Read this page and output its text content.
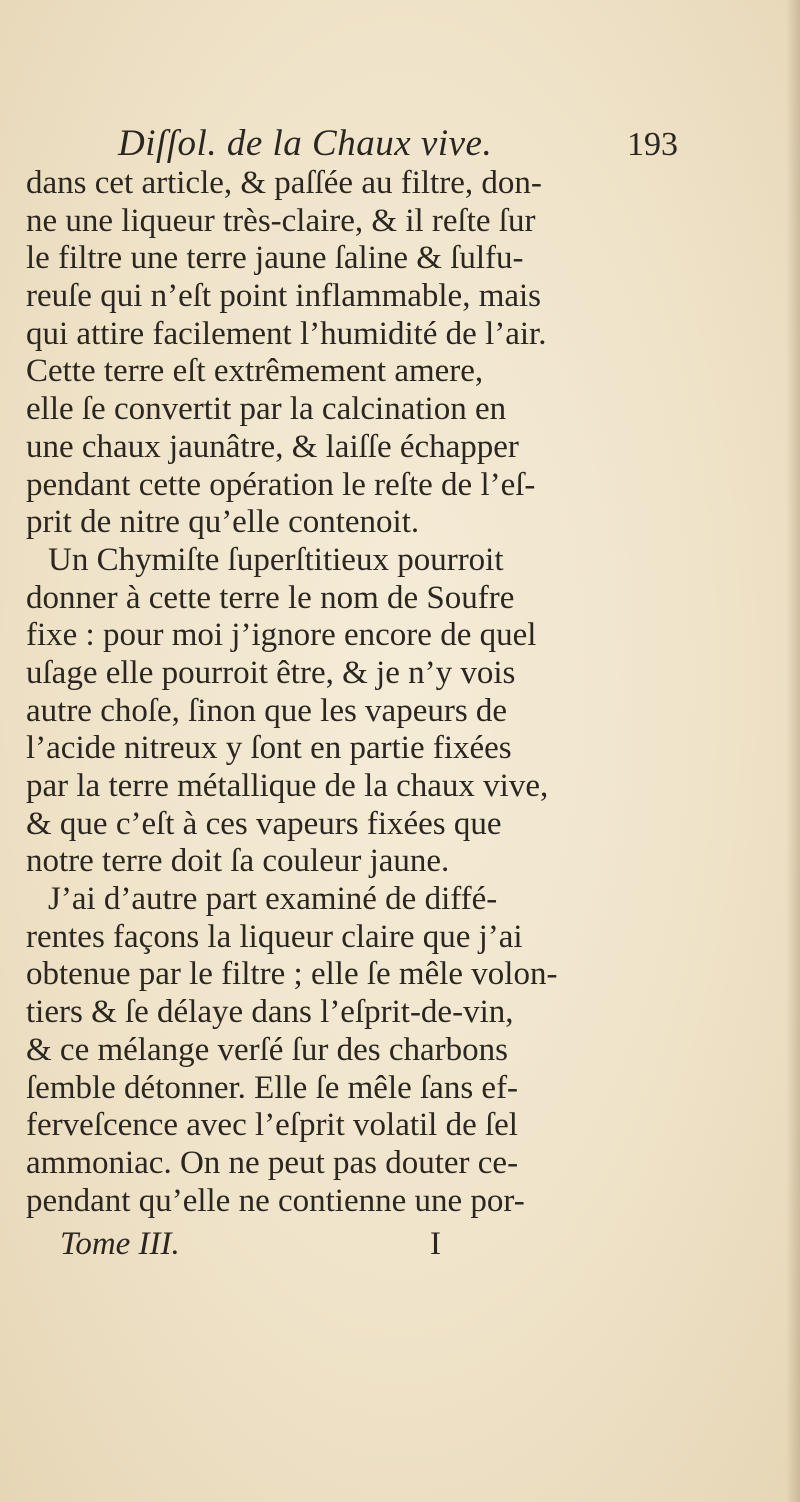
Diſſol. de la Chaux vive.	193
dans cet article, & paſſée au filtre, don-
ne une liqueur très-claire, & il reſte ſur
le filtre une terre jaune ſaline & ſulfu-
reuſe qui n’eſt point inflammable, mais
qui attire facilement l’humidité de l’air.
Cette terre eſt extrêmement amere,
elle ſe convertit par la calcination en
une chaux jaunâtre, & laiſſe échapper
pendant cette opération le reſte de l’eſ-
prit de nitre qu’elle contenoit.
Un Chymiſte ſuperſtitieux pourroit
donner à cette terre le nom de Soufre
fixe : pour moi j’ignore encore de quel
uſage elle pourroit être, & je n’y vois
autre choſe, ſinon que les vapeurs de
l’acide nitreux y ſont en partie fixées
par la terre métallique de la chaux vive,
& que c’eſt à ces vapeurs fixées que
notre terre doit ſa couleur jaune.
J’ai d’autre part examiné de diffé-
rentes façons la liqueur claire que j’ai
obtenue par le filtre ; elle ſe mêle volon-
tiers & ſe délaye dans l’eſprit-de-vin,
& ce mélange verſé ſur des charbons
ſemble détonner. Elle ſe mêle ſans ef-
ferveſcence avec l’eſprit volatil de ſel
ammoniac. On ne peut pas douter ce-
pendant qu’elle ne contienne une por-
Tome III.	I
